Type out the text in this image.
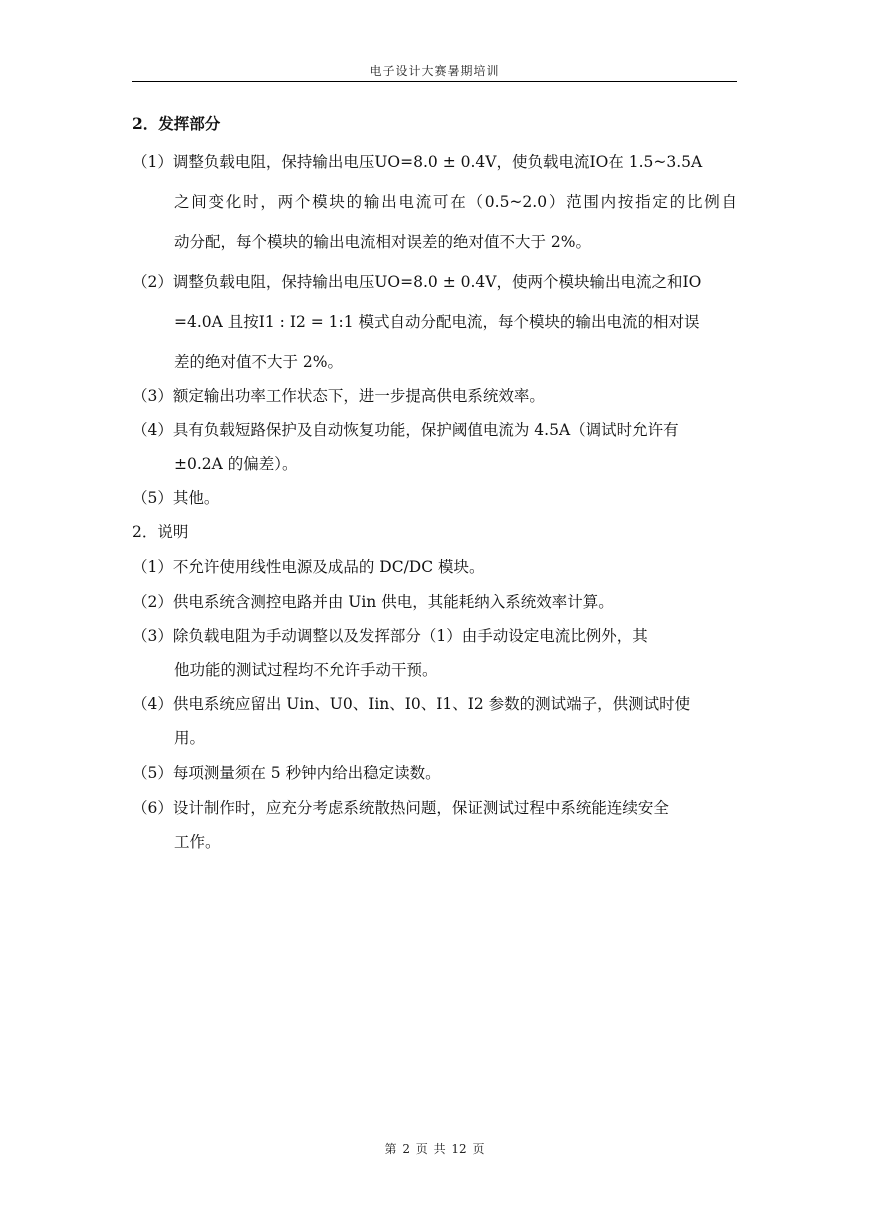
电子设计大赛暑期培训
2．发挥部分
（1）调整负载电阻，保持输出电压UO=8.0 ± 0.4V，使负载电流IO在 1.5~3.5A
之间变化时，两个模块的输出电流可在（0.5~2.0）范围内按指定的比例自
动分配，每个模块的输出电流相对误差的绝对值不大于 2%。
（2）调整负载电阻，保持输出电压UO=8.0 ± 0.4V，使两个模块输出电流之和IO
=4.0A 且按I1 : I2 = 1:1 模式自动分配电流，每个模块的输出电流的相对误
差的绝对值不大于 2%。
（3）额定输出功率工作状态下，进一步提高供电系统效率。
（4）具有负载短路保护及自动恢复功能，保护阈值电流为 4.5A（调试时允许有
±0.2A 的偏差）。
（5）其他。
2．说明
（1）不允许使用线性电源及成品的 DC/DC 模块。
（2）供电系统含测控电路并由 Uin 供电，其能耗纳入系统效率计算。
（3）除负载电阻为手动调整以及发挥部分（1）由手动设定电流比例外，其
他功能的测试过程均不允许手动干预。
（4）供电系统应留出 Uin、U0、Iin、I0、I1、I2 参数的测试端子，供测试时使
用。
（5）每项测量须在 5 秒钟内给出稳定读数。
（6）设计制作时，应充分考虑系统散热问题，保证测试过程中系统能连续安全
工作。
第 2 页 共 12 页
